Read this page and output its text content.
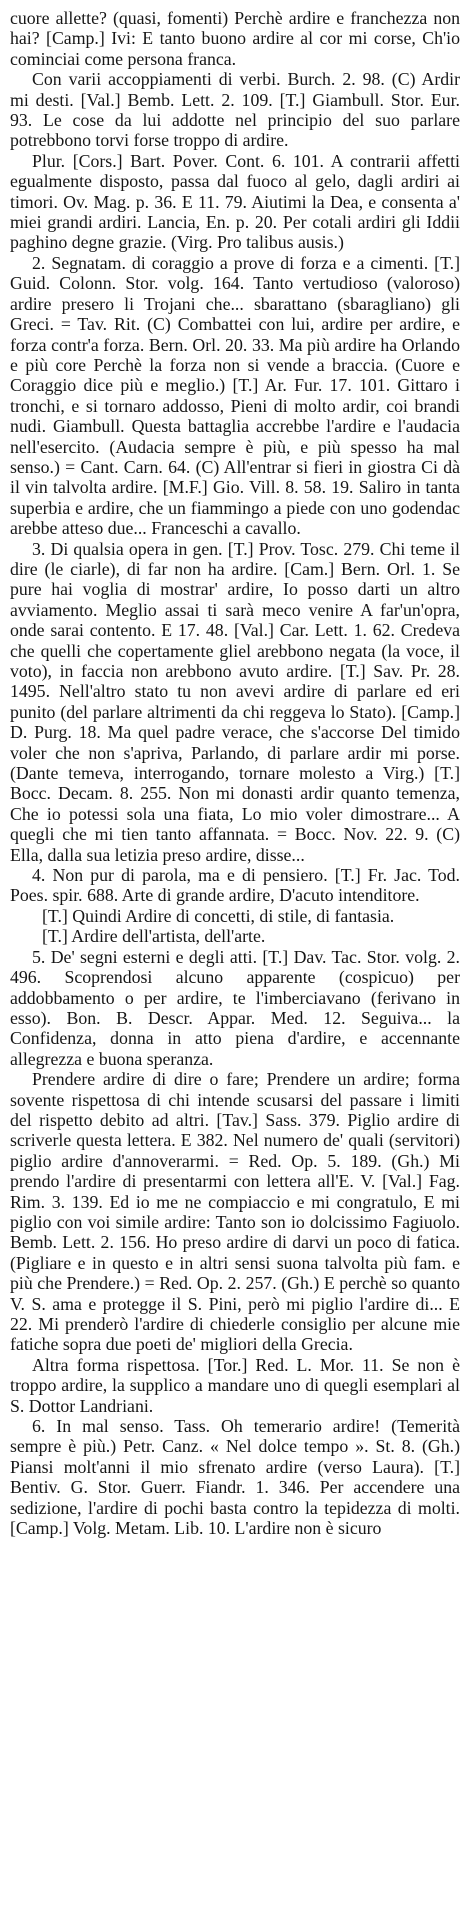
cuore allette? (quasi, fomenti) Perchè ardire e franchezza non hai? [Camp.] Ivi: E tanto buono ardire al cor mi corse, Ch'io cominciai come persona franca.

Con varii accoppiamenti di verbi. Burch. 2. 98. (C) Ardir mi desti. [Val.] Bemb. Lett. 2. 109. [T.] Giambull. Stor. Eur. 93. Le cose da lui addotte nel principio del suo parlare potrebbono torvi forse troppo di ardire.

Plur. [Cors.] Bart. Pover. Cont. 6. 101. A contrarii affetti egualmente disposto, passa dal fuoco al gelo, dagli ardiri ai timori. Ov. Mag. p. 36. E 11. 79. Aiutimi la Dea, e consenta a' miei grandi ardiri. Lancia, En. p. 20. Per cotali ardiri gli Iddii paghino degne grazie. (Virg. Pro talibus ausis.)

2. Segnatam. di coraggio a prove di forza e a cimenti. [T.] Guid. Colonn. Stor. volg. 164. Tanto vertudioso (valoroso) ardire presero li Trojani che... sbarattano (sbaragliano) gli Greci. = Tav. Rit. (C) Combattei con lui, ardire per ardire, e forza contr'a forza. Bern. Orl. 20. 33. Ma più ardire ha Orlando e più core Perchè la forza non si vende a braccia. (Cuore e Coraggio dice più e meglio.) [T.] Ar. Fur. 17. 101. Gittaro i tronchi, e si tornaro addosso, Pieni di molto ardir, coi brandi nudi. Giambull. Questa battaglia accrebbe l'ardire e l'audacia nell'esercito. (Audacia sempre è più, e più spesso ha mal senso.) = Cant. Carn. 64. (C) All'entrar si fieri in giostra Ci dà il vin talvolta ardire. [M.F.] Gio. Vill. 8. 58. 19. Saliro in tanta superbia e ardire, che un fiammingo a piede con uno godendac arebbe atteso due... Franceschi a cavallo.

3. Di qualsia opera in gen. [T.] Prov. Tosc. 279. Chi teme il dire (le ciarle), di far non ha ardire. [Cam.] Bern. Orl. 1. Se pure hai voglia di mostrar' ardire, Io posso darti un altro avviamento. Meglio assai ti sarà meco venire A far'un'opra, onde sarai contento. E 17. 48. [Val.] Car. Lett. 1. 62. Credeva che quelli che copertamente gliel arebbono negata (la voce, il voto), in faccia non arebbono avuto ardire. [T.] Sav. Pr. 28. 1495. Nell'altro stato tu non avevi ardire di parlare ed eri punito (del parlare altrimenti da chi reggeva lo Stato). [Camp.] D. Purg. 18. Ma quel padre verace, che s'accorse Del timido voler che non s'apriva, Parlando, di parlare ardir mi porse. (Dante temeva, interrogando, tornare molesto a Virg.) [T.] Bocc. Decam. 8. 255. Non mi donasti ardir quanto temenza, Che io potessi sola una fiata, Lo mio voler dimostrare... A quegli che mi tien tanto affannata. = Bocc. Nov. 22. 9. (C) Ella, dalla sua letizia preso ardire, disse...

4. Non pur di parola, ma e di pensiero. [T.] Fr. Jac. Tod. Poes. spir. 688. Arte di grande ardire, D'acuto intenditore.

[T.] Quindi Ardire di concetti, di stile, di fantasia.

[T.] Ardire dell'artista, dell'arte.

5. De' segni esterni e degli atti. [T.] Dav. Tac. Stor. volg. 2. 496. Scoprendosi alcuno apparente (cospicuo) per addobbamento o per ardire, te l'imberciavano (ferivano in esso). Bon. B. Descr. Appar. Med. 12. Seguiva... la Confidenza, donna in atto piena d'ardire, e accennante allegrezza e buona speranza.

Prendere ardire di dire o fare; Prendere un ardire; forma sovente rispettosa di chi intende scusarsi del passare i limiti del rispetto debito ad altri. [Tav.] Sass. 379. Piglio ardire di scriverle questa lettera. E 382. Nel numero de' quali (servitori) piglio ardire d'annoverarmi. = Red. Op. 5. 189. (Gh.) Mi prendo l'ardire di presentarmi con lettera all'E. V. [Val.] Fag. Rim. 3. 139. Ed io me ne compiaccio e mi congratulo, E mi piglio con voi simile ardire: Tanto son io dolcissimo Fagiuolo. Bemb. Lett. 2. 156. Ho preso ardire di darvi un poco di fatica. (Pigliare e in questo e in altri sensi suona talvolta più fam. e più che Prendere.) = Red. Op. 2. 257. (Gh.) E perchè so quanto V. S. ama e protegge il S. Pini, però mi piglio l'ardire di... E 22. Mi prenderò l'ardire di chiederle consiglio per alcune mie fatiche sopra due poeti de' migliori della Grecia.

Altra forma rispettosa. [Tor.] Red. L. Mor. 11. Se non è troppo ardire, la supplico a mandare uno di quegli esemplari al S. Dottor Landriani.

6. In mal senso. Tass. Oh temerario ardire! (Temerità sempre è più.) Petr. Canz. « Nel dolce tempo ». St. 8. (Gh.) Piansi molt'anni il mio sfrenato ardire (verso Laura). [T.] Bentiv. G. Stor. Guerr. Fiandr. 1. 346. Per accendere una sedizione, l'ardire di pochi basta contro la tepidezza di molti. [Camp.] Volg. Metam. Lib. 10. L'ardire non è sicuro
